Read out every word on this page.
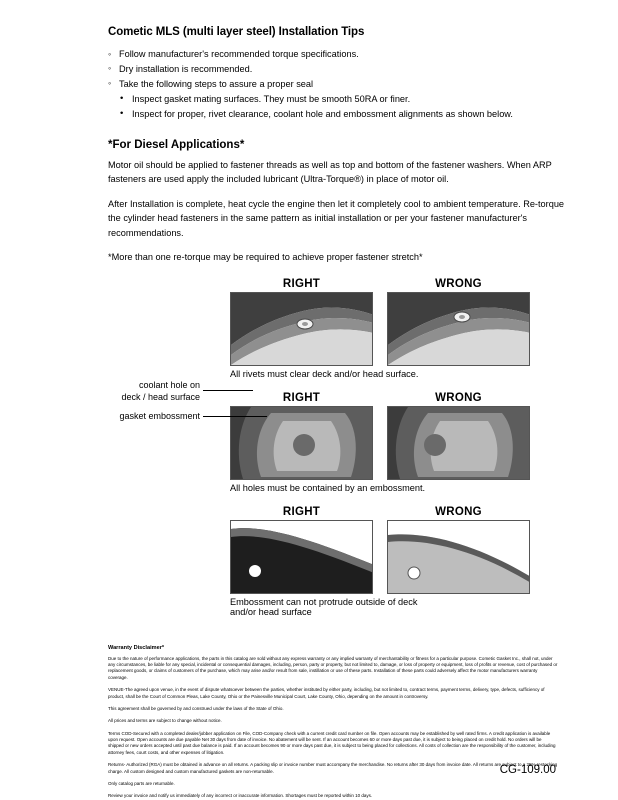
Cometic MLS (multi layer steel) Installation Tips
◦ Follow manufacturer's recommended torque specifications.
◦ Dry installation is recommended.
◦ Take the following steps to assure a proper seal
• Inspect gasket mating surfaces. They must be smooth 50RA or finer.
• Inspect for proper, rivet clearance, coolant hole and embossment alignments as shown below.
*For Diesel Applications*

Motor oil should be applied to fastener threads as well as top and bottom of the fastener washers. When ARP fasteners are used apply the included lubricant (Ultra-Torque®) in place of motor oil.

After Installation is complete, heat cycle the engine then let it completely cool to ambient temperature. Re-torque the cylinder head fasteners in the same pattern as initial installation or per your fastener manufacturer's recommendations.

*More than one re-torque may be required to achieve proper fastener stretch*

RIGHT	WRONG
All rivets must clear deck and/or head surface.
RIGHT	WRONG
All holes must be contained by an embossment.
RIGHT	WRONG
Embossment can not protrude outside of deck
and/or head surface
coolant hole on
deck / head surface
gasket embossment
Warranty Disclaimer*

Due to the nature of performance applications, the parts in this catalog are sold without any express warranty or any implied warranty of merchantability or fitness for a particular purpose. Cometic Gasket Inc., shall not, under any circumstances, be liable for any special, incidental or consequential damages, including, person, party or property, but not limited to, damage, or loss of property or equipment, loss of profits or revenue, cost of purchased or replacement goods, or claims of customers of the purchase, which may arise and/or result from sale, instillation or use of these parts. Installation of these parts could adversely affect the motor manufacturers warranty coverage.

VENUE-The agreed upon venue, in the event of dispute whatsoever between the parties, whether instituted by either party, including, but not limited to, contract terms, payment terms, delivery, type, defects, sufficiency of product, shall be the Court of Common Pleas, Lake County, Ohio or the Painesville Municipal Court, Lake County, Ohio, depending on the amount in controversy.

This agreement shall be governed by and construed under the laws of the State of Ohio.

All prices and terms are subject to change without notice.

Terms COD-Secured with a completed dealer/jobber application on File, COD-Company check with a current credit card number on file. Open accounts may be established by well rated firms. A credit application is available upon request. Open accounts are due payable Net 30 days from date of invoice. No abatement will be sent. If an account becomes 60 or more days past due, it is subject to being placed on credit hold. No orders will be shipped or new orders accepted until past due balance is paid. If an account becomes 90 or more days past due, it is subject to being placed for collections. All costs of collection are the responsibility of the customer, including attorney fees, court costs, and other expenses of litigation.

Returns- Authorized (RGA) must be obtained in advance on all returns. A packing slip or invoice number must accompany the merchandise. No returns after 30 days from invoice date. All returns are subject to a 25% restocking charge. All custom designed and custom manufactured gaskets are non-returnable.

Only catalog parts are returnable.

Review your invoice and notify us immediately of any incorrect or inaccurate information. Shortages must be reported within 10 days.

CG-109.00
